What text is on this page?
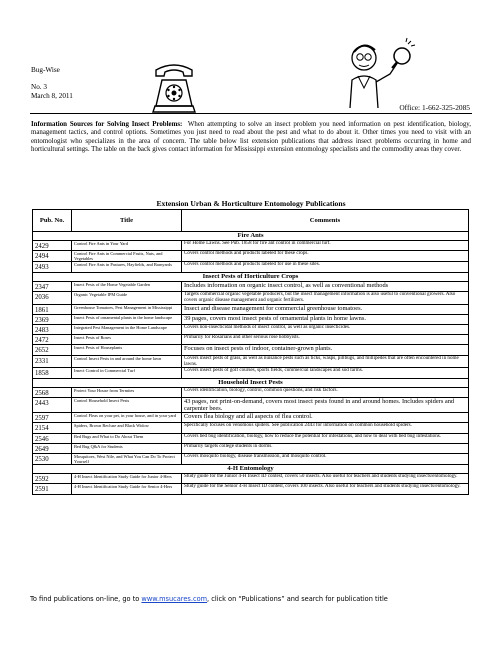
Bug-Wise
No. 3
March 8, 2011
Office: 1-662-325-2085
Information Sources for Solving Insect Problems: When attempting to solve an insect problem you need information on pest identification, biology, management tactics, and control options. Sometimes you just need to read about the pest and what to do about it. Other times you need to visit with an entomologist who specializes in the area of concern. The table below list extension publications that address insect problems occurring in home and horticultural settings. The table on the back gives contact information for Mississippi extension entomology specialists and the commodity areas they cover.
Extension Urban & Horticulture Entomology Publications
Pub. No.	Title	Comments
Fire Ants		
2429	Control Fire Ants in Your Yard	For Home Lawns. See Pub. 1858 for fire ant control in commercial turf.
2494	Control Fire Ants in Commercial Fruits, Nuts, and Vegetables	Covers control methods and products labeled for these crops.
2493	Control Fire Ants in Pastures, Hayfields, and Barnyards	Covers control methods and products labeled for use in these sites.
Insect Pests of Horticulture Crops		
2347	Insect Pests of the Home Vegetable Garden	Includes information on organic insect control, as well as conventional methods
2036	Organic Vegetable IPM Guide	Targets commercial organic vegetable producers, but the insect management information is also useful to conventional growers. Also covers organic disease management and organic fertilizers.
1861	Greenhouse Tomatoes, Pest Management in Mississippi	Insect and disease management for commercial greenhouse tomatoes.
2369	Insect Pests of ornamental plants in the home landscape	39 pages, covers most insect pests of ornamental plants in home lawns.
2483	Integrated Pest Management in the Home Landscape	Covers non-insecticidal methods of insect control, as well as organic insecticides.
2472	Insect Pests of Roses	Primarily for Rosarians and other serious rose hobbyists.
2652	Insect Pests of Houseplants	Focuses on insect pests of indoor, container-grown plants.
2331	Control Insect Pests in and around the home lawn	Covers insect pests of grass, as well as nuisance pests such as ticks, wasps, pillbugs, and millipedes that are often encountered in home lawns.
1858	Insect Control in Commercial Turf	Covers insect pests of golf courses, sports fields, commercial landscapes and sod farms.
Household Insect Pests		
2568	Protect Your House from Termites	Covers identification, biology, control, common questions, and risk factors.
2443	Control Household Insect Pests	43 pages, not print-on-demand, covers most insect pests found in and around homes. Includes spiders and carpenter bees.
2597	Control Fleas on your pet, in your house, and in your yard	Covers flea biology and all aspects of flea control.
2154	Spiders, Brown Recluse and Black Widow	Specifically focuses on venomous spiders. See publication 2443 for information on common household spiders.
2546	Bed Bugs and What to Do About Them	Covers bed bug identification, biology, how to reduce the potential for infestations, and how to deal with bed bug infestations.
2649	Bed Bug Q&A for Students	Primarily targets college students in dorms.
2530	Mosquitoes, West Nile, and What You Can Do To Protect Yourself	Covers mosquito biology, disease transmission, and mosquito control.
4-H Entomology		
2592	4-H Insect Identification Study Guide for Junior 4-Hers	Study guide for the Junior 4-H Insect ID contest, covers 50 insects. Also useful for teachers and students studying insects/entomology.
2591	4-H Insect Identification Study Guide for Senior 4-Hers	Study guide for the Senior 4-H Insect ID contest, covers 100 insects. Also useful for teachers and students studying insects/entomology.
To find publications on-line, go to www.msucares.com, click on “Publications” and search for publication title
